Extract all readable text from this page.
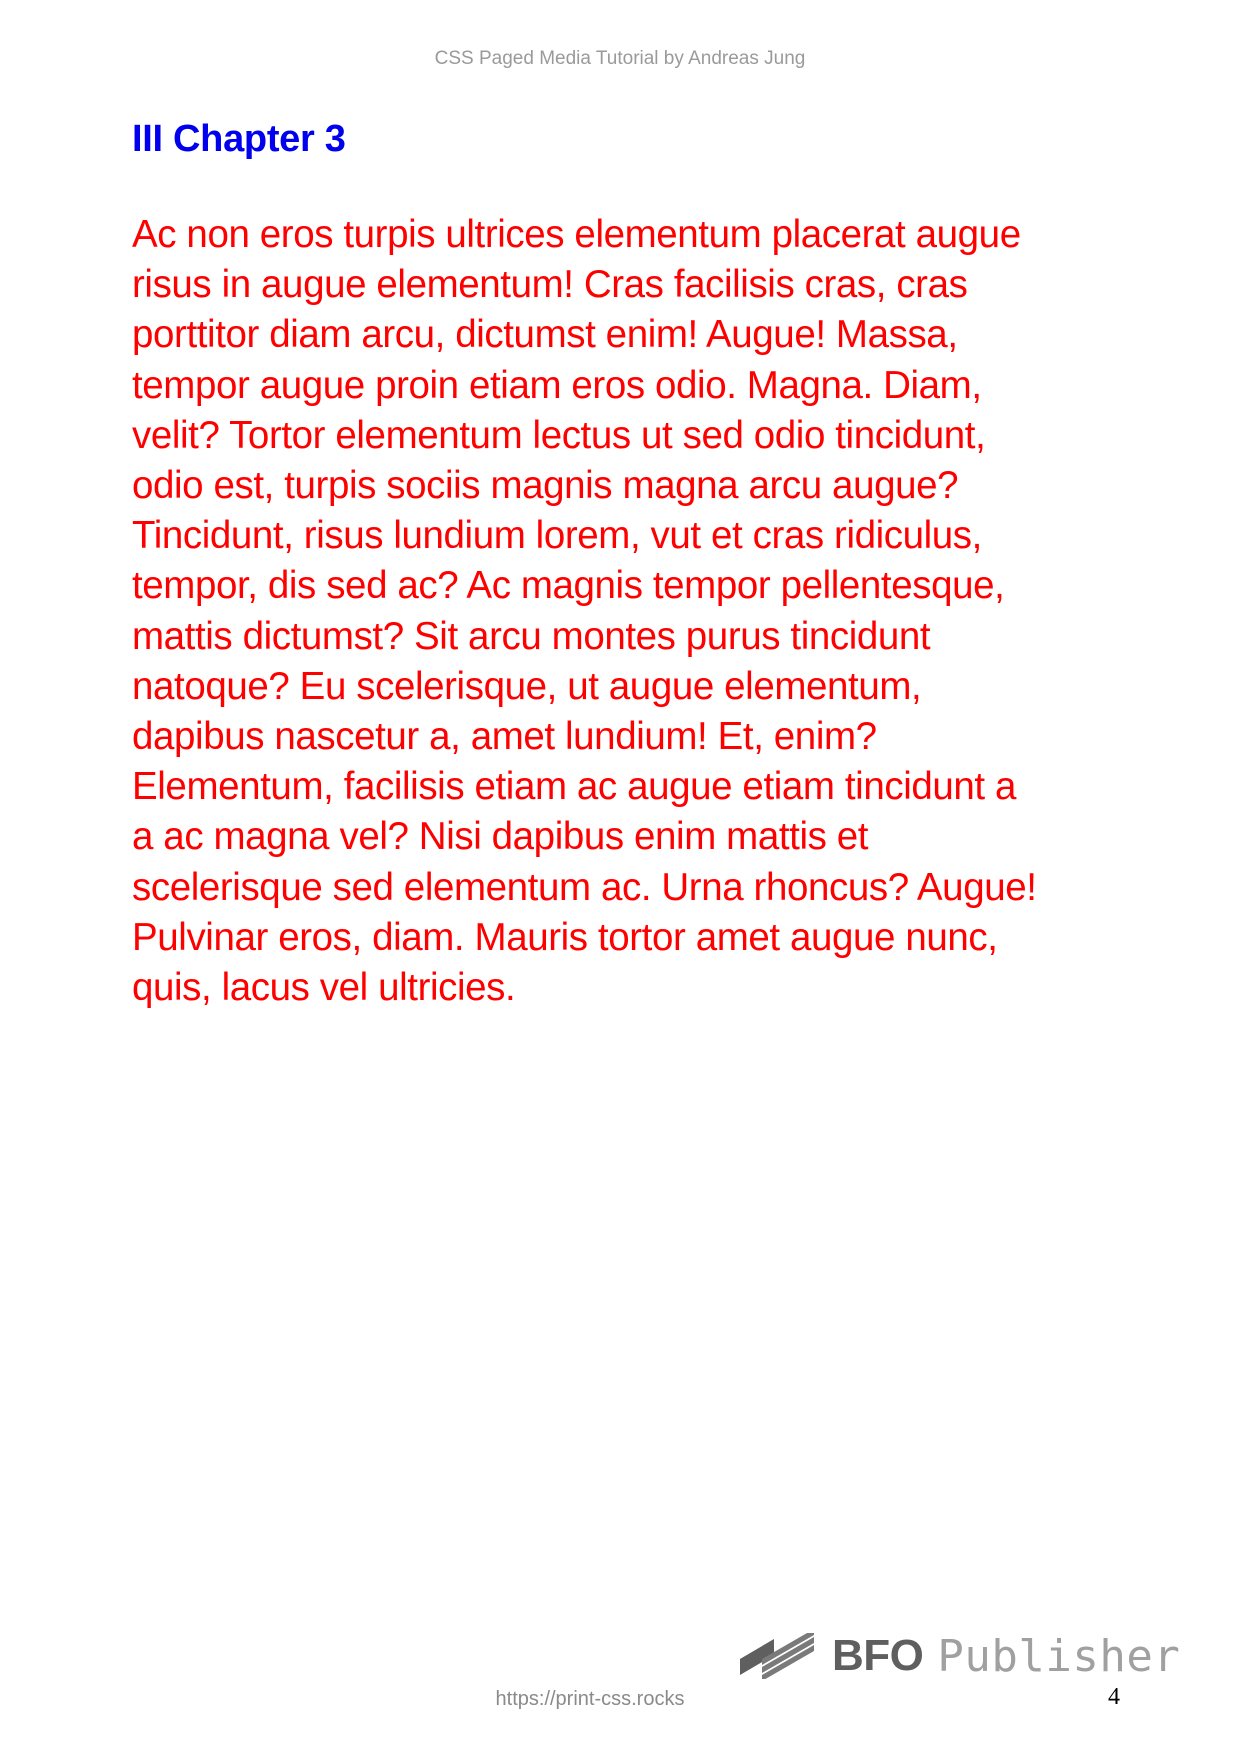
CSS Paged Media Tutorial by Andreas Jung
III Chapter 3

Ac non eros turpis ultrices elementum placerat augue
risus in augue elementum! Cras facilisis cras, cras
porttitor diam arcu, dictumst enim! Augue! Massa,
tempor augue proin etiam eros odio. Magna. Diam,
velit? Tortor elementum lectus ut sed odio tincidunt,
odio est, turpis sociis magnis magna arcu augue?
Tincidunt, risus lundium lorem, vut et cras ridiculus,
tempor, dis sed ac? Ac magnis tempor pellentesque,
mattis dictumst? Sit arcu montes purus tincidunt
natoque? Eu scelerisque, ut augue elementum,
dapibus nascetur a, amet lundium! Et, enim?
Elementum, facilisis etiam ac augue etiam tincidunt a
a ac magna vel? Nisi dapibus enim mattis et
scelerisque sed elementum ac. Urna rhoncus? Augue!
Pulvinar eros, diam. Mauris tortor amet augue nunc,
quis, lacus vel ultricies.

BFO Publisher
https://print-css.rocks	4
